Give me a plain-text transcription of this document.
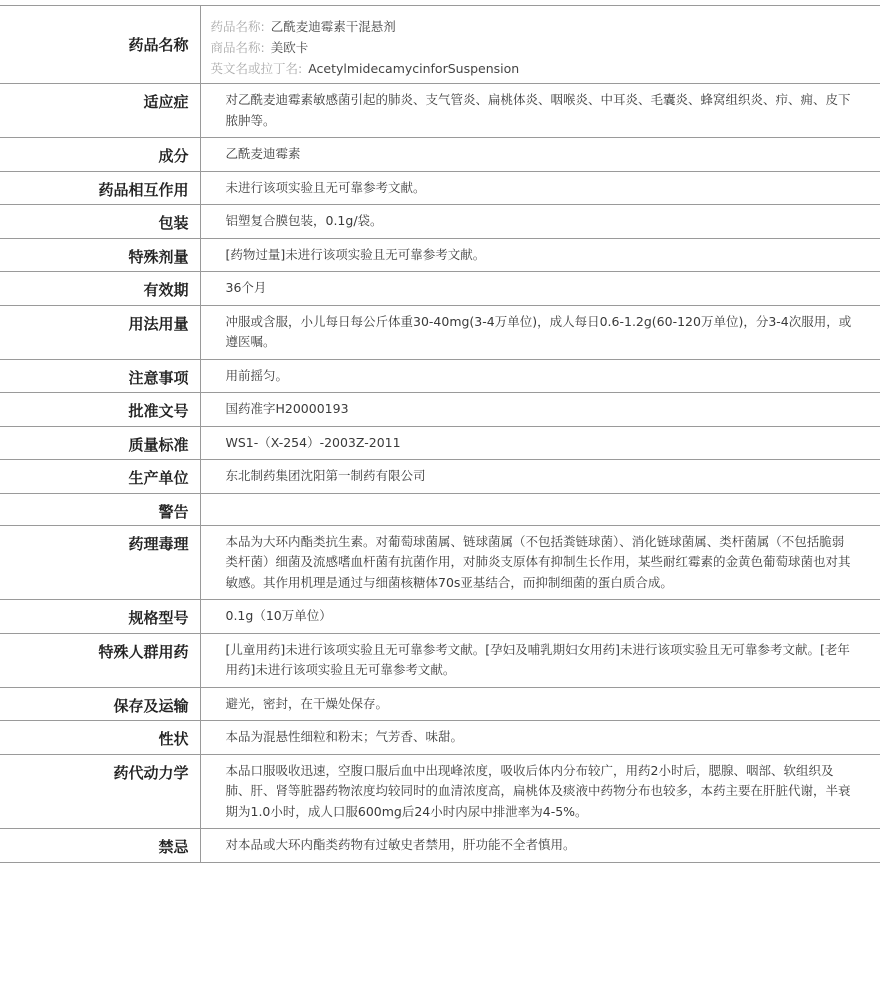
药品名称	药品名称: 乙酰麦迪霉素干混悬剂
商品名称: 美欧卡
英文名或拉丁名: AcetylmidecamycinforSuspension

适应症	对乙酰麦迪霉素敏感菌引起的肺炎、支气管炎、扁桃体炎、咽喉炎、中耳炎、毛囊炎、蜂窝组织炎、疖、痈、皮下脓肿等。
成分	乙酰麦迪霉素
药品相互作用	未进行该项实验且无可靠参考文献。
包装	铝塑复合膜包装，0.1g/袋。
特殊剂量	[药物过量]未进行该项实验且无可靠参考文献。
有效期	36个月
用法用量	冲服或含服，小儿每日每公斤体重30-40mg(3-4万单位)，成人每日0.6-1.2g(60-120万单位)，分3-4次服用，或遵医嘱。
注意事项	用前摇匀。
批准文号	国药准字H20000193
质量标准	WS1-（X-254）-2003Z-2011
生产单位	东北制药集团沈阳第一制药有限公司
警告	
药理毒理	本品为大环内酯类抗生素。对葡萄球菌属、链球菌属（不包括粪链球菌）、消化链球菌属、类杆菌属（不包括脆弱类杆菌）细菌及流感嗜血杆菌有抗菌作用，对肺炎支原体有抑制生长作用，某些耐红霉素的金黄色葡萄球菌也对其敏感。其作用机理是通过与细菌核糖体70s亚基结合，而抑制细菌的蛋白质合成。
规格型号	0.1g（10万单位）
特殊人群用药	[儿童用药]未进行该项实验且无可靠参考文献。[孕妇及哺乳期妇女用药]未进行该项实验且无可靠参考文献。[老年用药]未进行该项实验且无可靠参考文献。
保存及运输	避光，密封，在干燥处保存。
性状	本品为混悬性细粒和粉末；气芳香、味甜。
药代动力学	本品口服吸收迅速，空腹口服后血中出现峰浓度，吸收后体内分布较广，用药2小时后，腮腺、咽部、软组织及肺、肝、肾等脏器药物浓度均较同时的血清浓度高，扁桃体及痰液中药物分布也较多，本药主要在肝脏代谢，半衰期为1.0小时，成人口服600mg后24小时内尿中排泄率为4-5%。
禁忌	对本品或大环内酯类药物有过敏史者禁用，肝功能不全者慎用。
